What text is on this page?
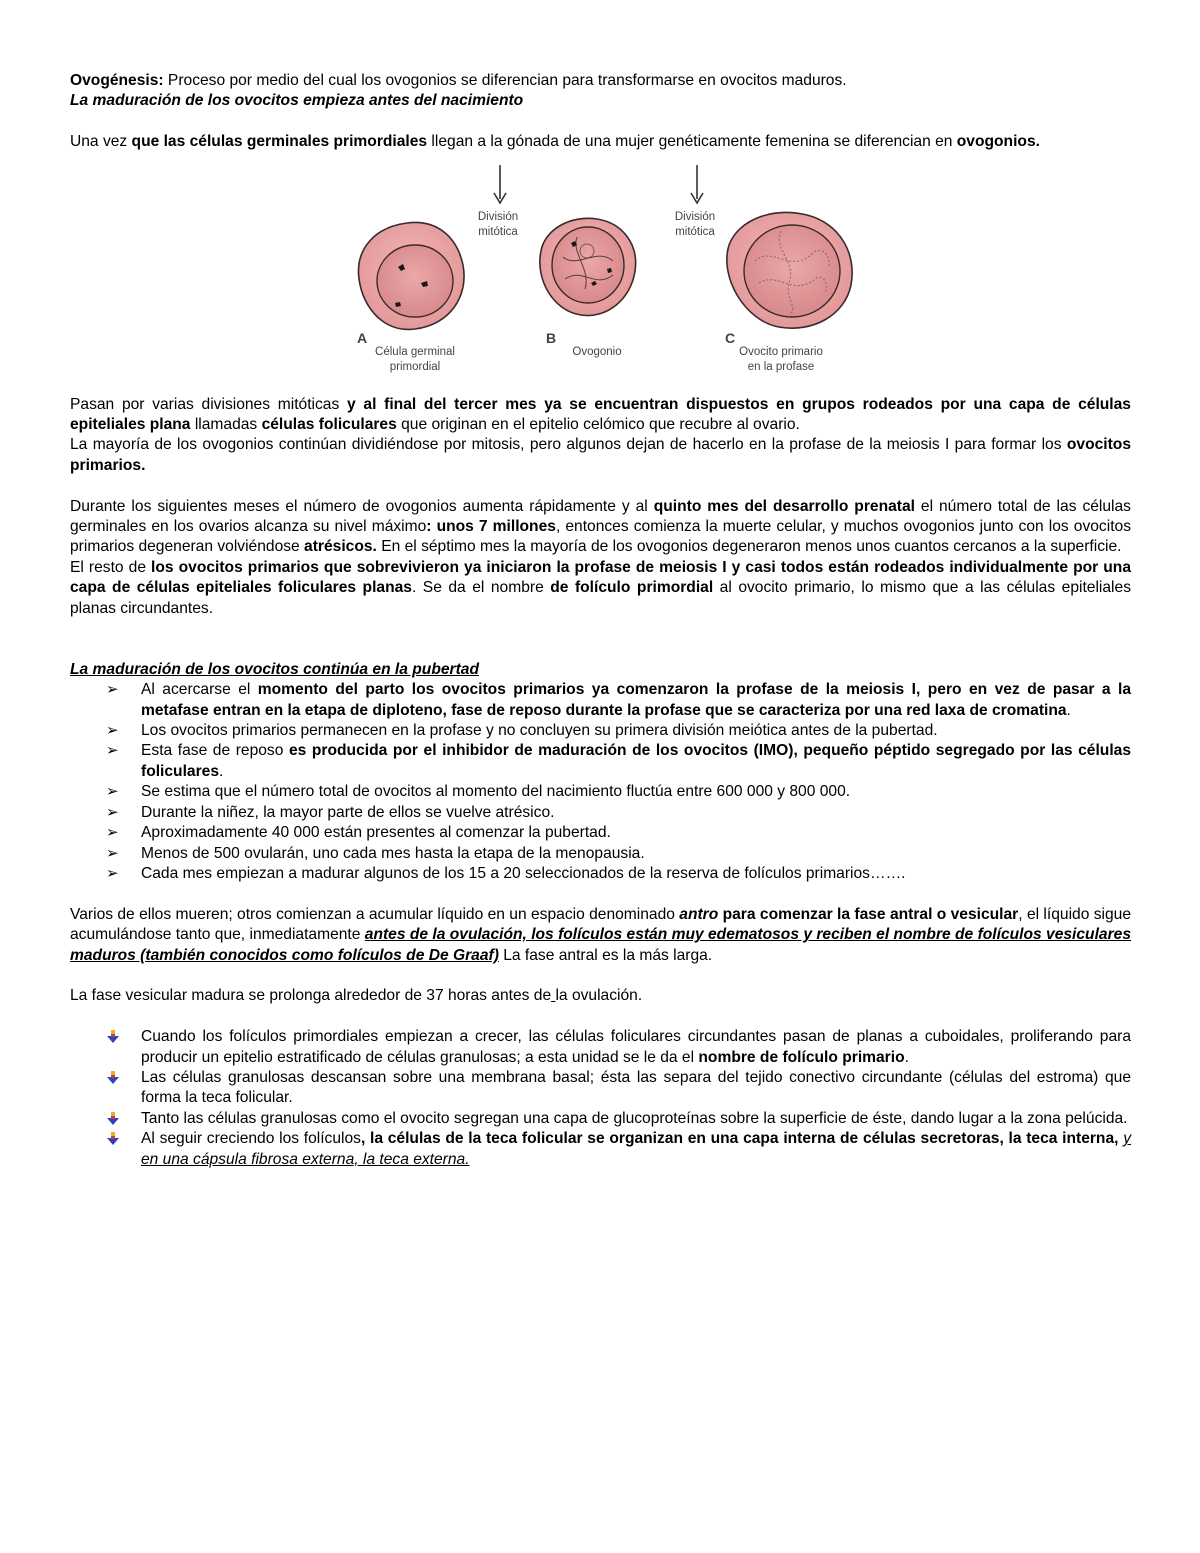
Ovogénesis: Proceso por medio del cual los ovogonios se diferencian para transformarse en ovocitos maduros.

La maduración de los ovocitos empieza antes del nacimiento

Una vez que las células germinales primordiales llegan a la gónada de una mujer genéticamente femenina se diferencian en ovogonios.

División
mitótica
División
mitótica
A
Célula germinal
primordial
B
Ovogonio
C
Ovocito primario
en la profase

Pasan por varias divisiones mitóticas y al final del tercer mes ya se encuentran dispuestos en grupos rodeados por una capa de células epiteliales plana llamadas células foliculares que originan en el epitelio celómico que recubre al ovario.

La mayoría de los ovogonios continúan dividiéndose por mitosis, pero algunos dejan de hacerlo en la profase de la meiosis I para formar los ovocitos primarios.

Durante los siguientes meses el número de ovogonios aumenta rápidamente y al quinto mes del desarrollo prenatal el número total de las células germinales en los ovarios alcanza su nivel máximo: unos 7 millones, entonces comienza la muerte celular, y muchos ovogonios junto con los ovocitos primarios degeneran volviéndose atrésicos. En el séptimo mes la mayoría de los ovogonios degeneraron menos unos cuantos cercanos a la superficie.

El resto de los ovocitos primarios que sobrevivieron ya iniciaron la profase de meiosis I y casi todos están rodeados individualmente por una capa de células epiteliales foliculares planas. Se da el nombre de folículo primordial al ovocito primario, lo mismo que a las células epiteliales planas circundantes.

La maduración de los ovocitos continúa en la pubertad

➢ Al acercarse el momento del parto los ovocitos primarios ya comenzaron la profase de la meiosis I, pero en vez de pasar a la metafase entran en la etapa de diploteno, fase de reposo durante la profase que se caracteriza por una red laxa de cromatina.
➢ Los ovocitos primarios permanecen en la profase y no concluyen su primera división meiótica antes de la pubertad.
➢ Esta fase de reposo es producida por el inhibidor de maduración de los ovocitos (IMO), pequeño péptido segregado por las células foliculares.
➢ Se estima que el número total de ovocitos al momento del nacimiento fluctúa entre 600 000 y 800 000.
➢ Durante la niñez, la mayor parte de ellos se vuelve atrésico.
➢ Aproximadamente 40 000 están presentes al comenzar la pubertad.
➢ Menos de 500 ovularán, uno cada mes hasta la etapa de la menopausia.
➢ Cada mes empiezan a madurar algunos de los 15 a 20 seleccionados de la reserva de folículos primarios…….

Varios de ellos mueren; otros comienzan a acumular líquido en un espacio denominado antro para comenzar la fase antral o vesicular, el líquido sigue acumulándose tanto que, inmediatamente antes de la ovulación, los folículos están muy edematosos y reciben el nombre de folículos vesiculares maduros (también conocidos como folículos de De Graaf) La fase antral es la más larga.

La fase vesicular madura se prolonga alrededor de 37 horas antes de la ovulación.

Cuando los folículos primordiales empiezan a crecer, las células foliculares circundantes pasan de planas a cuboidales, proliferando para producir un epitelio estratificado de células granulosas; a esta unidad se le da el nombre de folículo primario.
Las células granulosas descansan sobre una membrana basal; ésta las separa del tejido conectivo circundante (células del estroma) que forma la teca folicular.
Tanto las células granulosas como el ovocito segregan una capa de glucoproteínas sobre la superficie de éste, dando lugar a la zona pelúcida.
Al seguir creciendo los folículos, la células de la teca folicular se organizan en una capa interna de células secretoras, la teca interna, y en una cápsula fibrosa externa, la teca externa.
